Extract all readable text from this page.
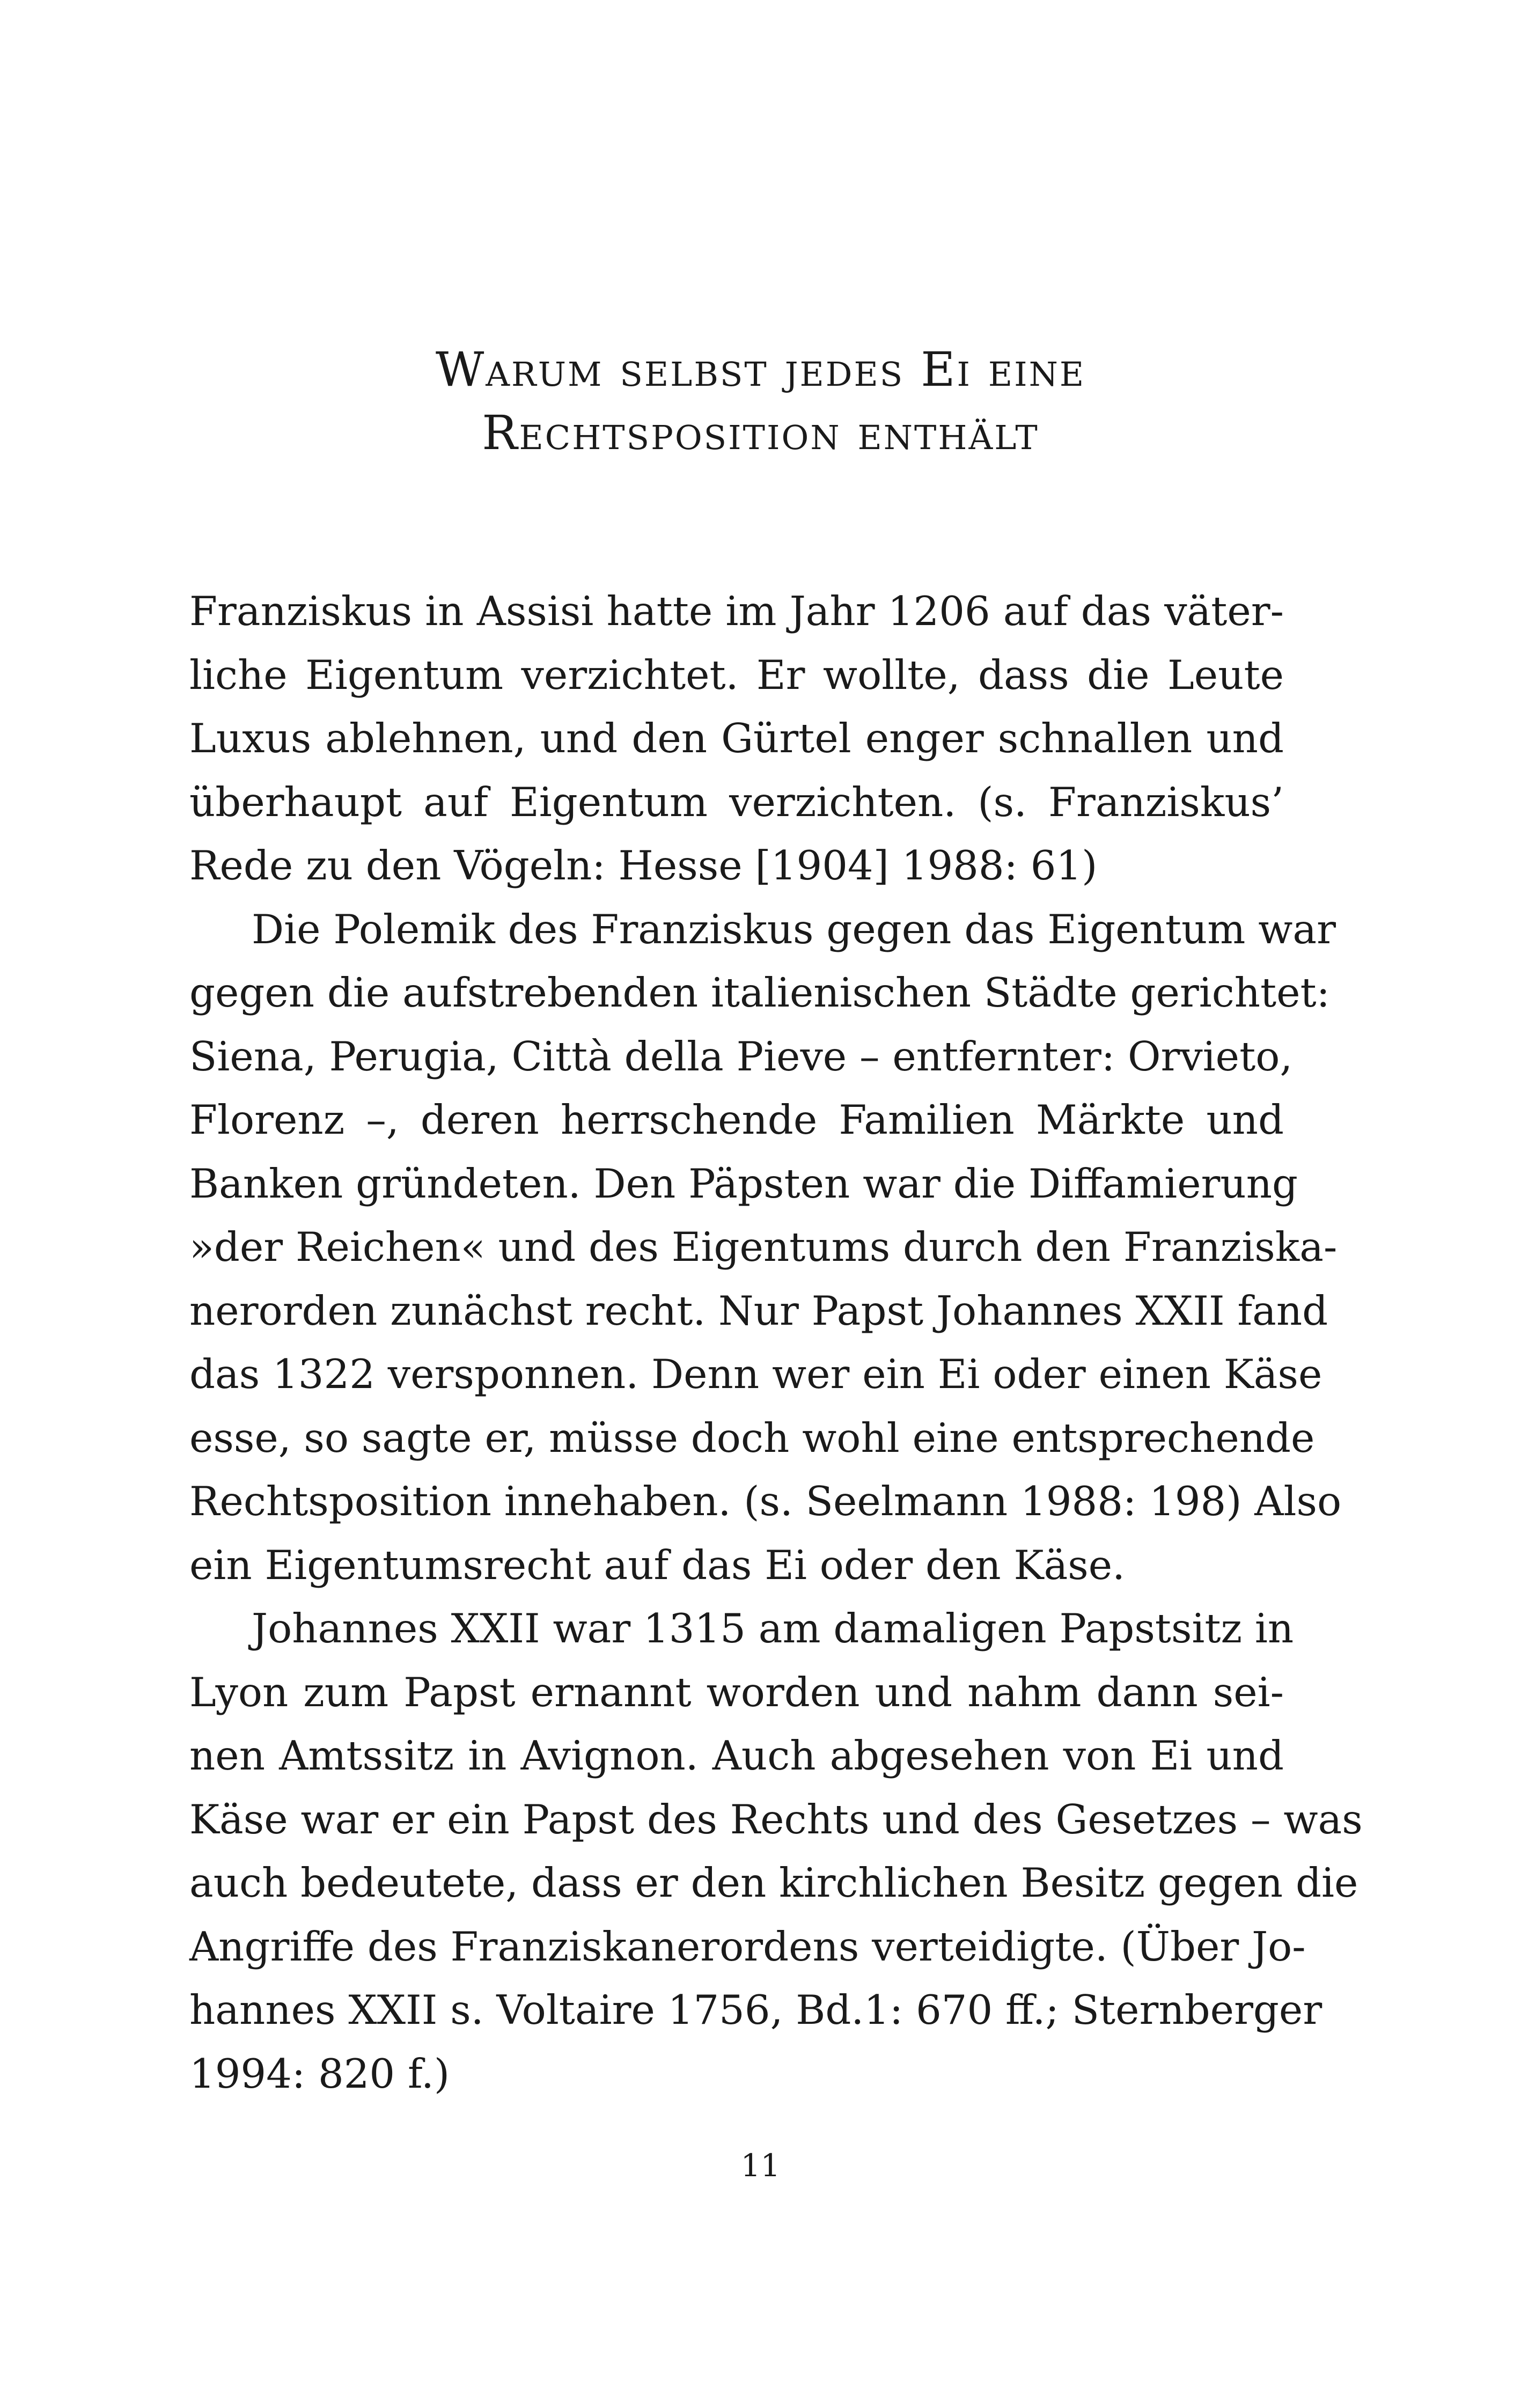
Warum selbst jedes Ei eine
Rechtsposition enthält

Franziskus in Assisi hatte im Jahr 1206 auf das väter-
liche Eigentum verzichtet. Er wollte, dass die Leute
Luxus ablehnen, und den Gürtel enger schnallen und
überhaupt auf Eigentum verzichten. (s. Franziskus’
Rede zu den Vögeln: Hesse [1904] 1988: 61)

Die Polemik des Franziskus gegen das Eigentum war
gegen die aufstrebenden italienischen Städte gerichtet:
Siena, Perugia, Città della Pieve – entfernter: Orvieto,
Florenz –, deren herrschende Familien Märkte und
Banken gründeten. Den Päpsten war die Diffamierung
»der Reichen« und des Eigentums durch den Franziska-
nerorden zunächst recht. Nur Papst Johannes XXII fand
das 1322 versponnen. Denn wer ein Ei oder einen Käse
esse, so sagte er, müsse doch wohl eine entsprechende
Rechtsposition innehaben. (s. Seelmann 1988: 198) Also
ein Eigentumsrecht auf das Ei oder den Käse.

Johannes XXII war 1315 am damaligen Papstsitz in
Lyon zum Papst ernannt worden und nahm dann sei-
nen Amtssitz in Avignon. Auch abgesehen von Ei und
Käse war er ein Papst des Rechts und des Gesetzes – was
auch bedeutete, dass er den kirchlichen Besitz gegen die
Angriffe des Franziskanerordens verteidigte. (Über Jo-
hannes XXII s. Voltaire 1756, Bd.1: 670 ff.; Sternberger
1994: 820 f.)

11
